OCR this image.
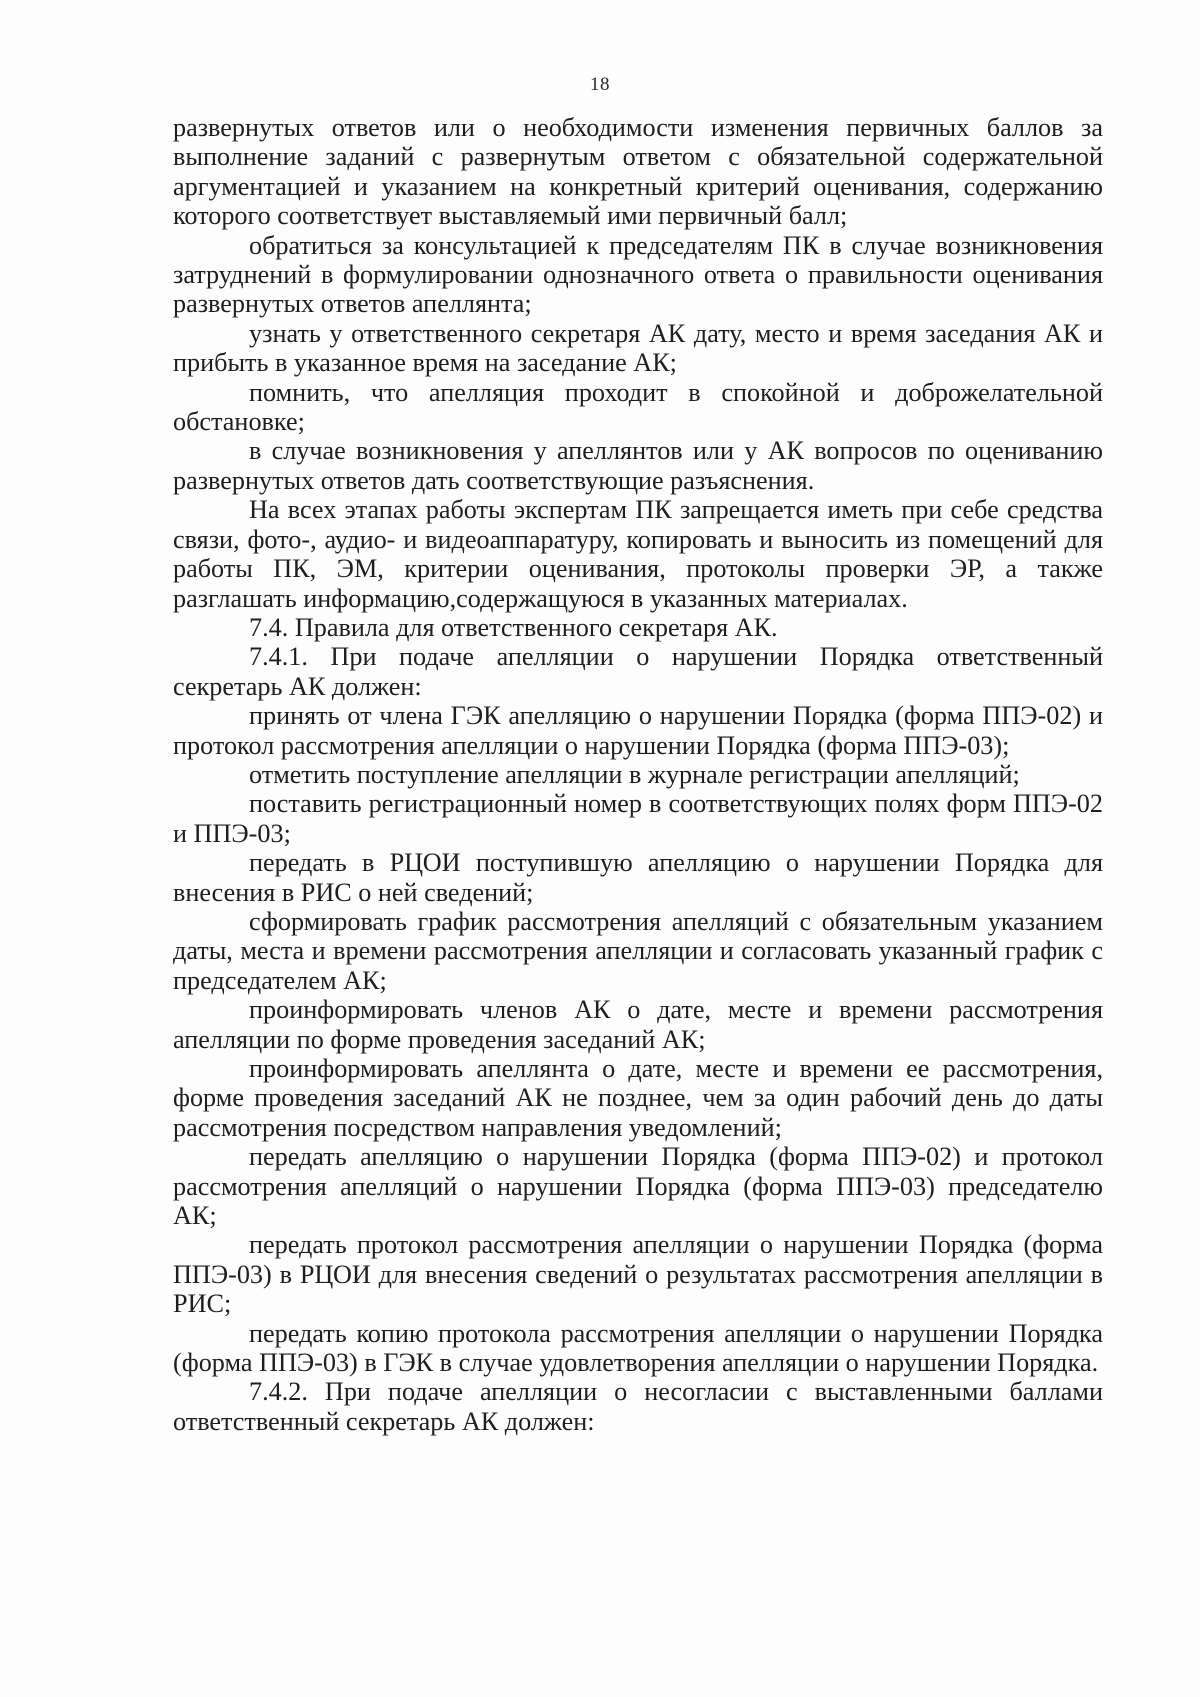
18

развернутых ответов или о необходимости изменения первичных баллов за выполнение заданий с развернутым ответом с обязательной содержательной аргументацией и указанием на конкретный критерий оценивания, содержанию которого соответствует выставляемый ими первичный балл;

обратиться за консультацией к председателям ПК в случае возникновения затруднений в формулировании однозначного ответа о правильности оценивания развернутых ответов апеллянта;

узнать у ответственного секретаря АК дату, место и время заседания АК и прибыть в указанное время на заседание АК;

помнить, что апелляция проходит в спокойной и доброжелательной обстановке;

в случае возникновения у апеллянтов или у АК вопросов по оцениванию развернутых ответов дать соответствующие разъяснения.

На всех этапах работы экспертам ПК запрещается иметь при себе средства связи, фото-, аудио- и видеоаппаратуру, копировать и выносить из помещений для работы ПК, ЭМ, критерии оценивания, протоколы проверки ЭР, а также разглашать информацию,содержащуюся в указанных материалах.

7.4. Правила для ответственного секретаря АК.

7.4.1. При подаче апелляции о нарушении Порядка ответственный секретарь АК должен:

принять от члена ГЭК апелляцию о нарушении Порядка (форма ППЭ-02) и протокол рассмотрения апелляции о нарушении Порядка (форма ППЭ-03);

отметить поступление апелляции в журнале регистрации апелляций;

поставить регистрационный номер в соответствующих полях форм ППЭ-02 и ППЭ-03;

передать в РЦОИ поступившую апелляцию о нарушении Порядка для внесения в РИС о ней сведений;

сформировать график рассмотрения апелляций с обязательным указанием даты, места и времени рассмотрения апелляции и согласовать указанный график с председателем АК;

проинформировать членов АК о дате, месте и времени рассмотрения апелляции по форме проведения заседаний АК;

проинформировать апеллянта о дате, месте и времени ее рассмотрения, форме проведения заседаний АК не позднее, чем за один рабочий день до даты рассмотрения посредством направления уведомлений;

передать апелляцию о нарушении Порядка (форма ППЭ-02) и протокол рассмотрения апелляций о нарушении Порядка (форма ППЭ-03) председателю АК;

передать протокол рассмотрения апелляции о нарушении Порядка (форма ППЭ-03) в РЦОИ для внесения сведений о результатах рассмотрения апелляции в РИС;

передать копию протокола рассмотрения апелляции о нарушении Порядка (форма ППЭ-03) в ГЭК в случае удовлетворения апелляции о нарушении Порядка.

7.4.2. При подаче апелляции о несогласии с выставленными баллами ответственный секретарь АК должен:
